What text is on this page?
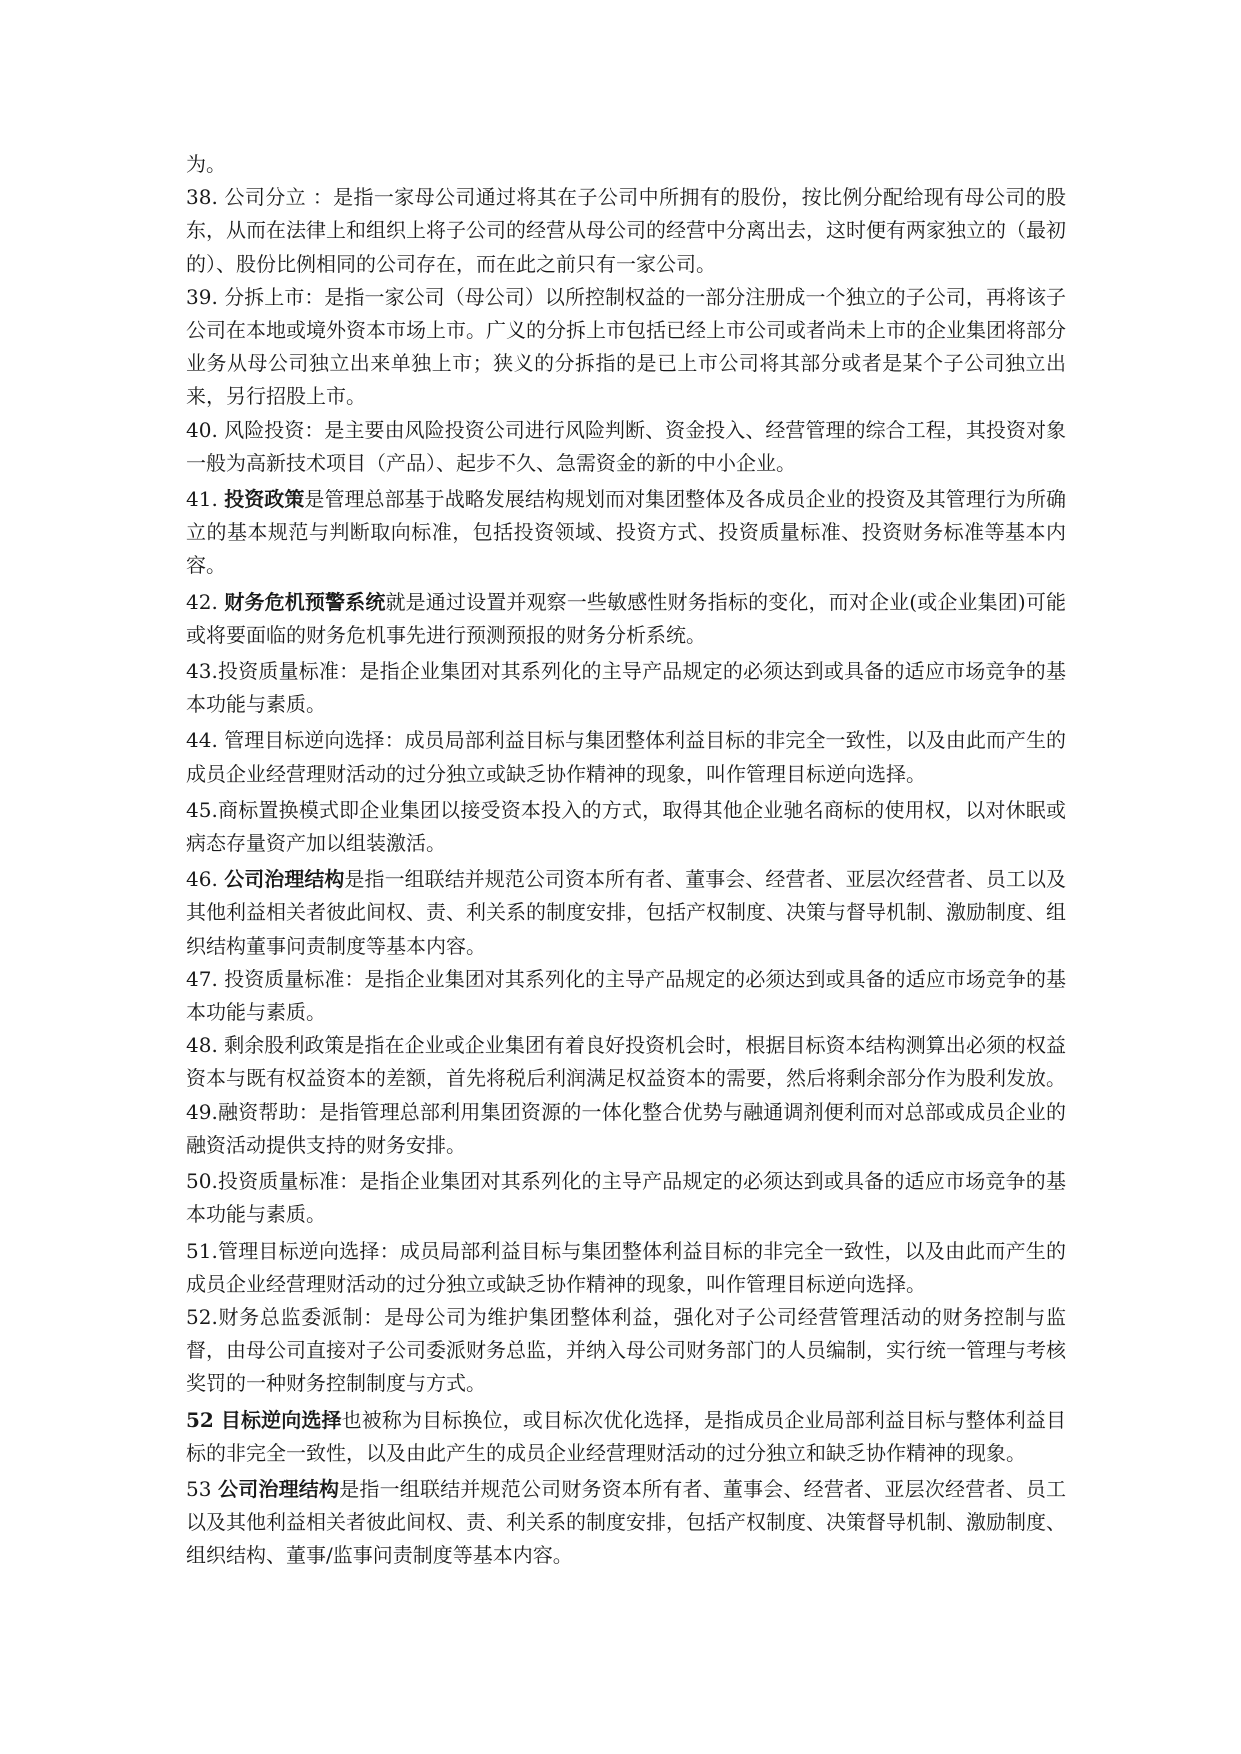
为。

38. 公司分立 ：是指一家母公司通过将其在子公司中所拥有的股份，按比例分配给现有母公司的股东，从而在法律上和组织上将子公司的经营从母公司的经营中分离出去，这时便有两家独立的（最初的）、股份比例相同的公司存在，而在此之前只有一家公司。

39. 分拆上市：是指一家公司（母公司）以所控制权益的一部分注册成一个独立的子公司，再将该子公司在本地或境外资本市场上市。广义的分拆上市包括已经上市公司或者尚未上市的企业集团将部分业务从母公司独立出来单独上市；狭义的分拆指的是已上市公司将其部分或者是某个子公司独立出来，另行招股上市。

40. 风险投资：是主要由风险投资公司进行风险判断、资金投入、经营管理的综合工程，其投资对象一般为高新技术项目（产品）、起步不久、急需资金的新的中小企业。

41. 投资政策是管理总部基于战略发展结构规划而对集团整体及各成员企业的投资及其管理行为所确立的基本规范与判断取向标准，包括投资领域、投资方式、投资质量标准、投资财务标准等基本内容。

42. 财务危机预警系统就是通过设置并观察一些敏感性财务指标的变化，而对企业(或企业集团)可能或将要面临的财务危机事先进行预测预报的财务分析系统。

43.投资质量标准：是指企业集团对其系列化的主导产品规定的必须达到或具备的适应市场竞争的基本功能与素质。

44. 管理目标逆向选择：成员局部利益目标与集团整体利益目标的非完全一致性，以及由此而产生的成员企业经营理财活动的过分独立或缺乏协作精神的现象，叫作管理目标逆向选择。

45.商标置换模式即企业集团以接受资本投入的方式，取得其他企业驰名商标的使用权，以对休眠或病态存量资产加以组装激活。

46. 公司治理结构是指一组联结并规范公司资本所有者、董事会、经营者、亚层次经营者、员工以及其他利益相关者彼此间权、责、利关系的制度安排，包括产权制度、决策与督导机制、激励制度、组织结构董事问责制度等基本内容。

47. 投资质量标准：是指企业集团对其系列化的主导产品规定的必须达到或具备的适应市场竞争的基本功能与素质。

48. 剩余股利政策是指在企业或企业集团有着良好投资机会时，根据目标资本结构测算出必须的权益资本与既有权益资本的差额，首先将税后利润满足权益资本的需要，然后将剩余部分作为股利发放。

49.融资帮助：是指管理总部利用集团资源的一体化整合优势与融通调剂便利而对总部或成员企业的融资活动提供支持的财务安排。

50.投资质量标准：是指企业集团对其系列化的主导产品规定的必须达到或具备的适应市场竞争的基本功能与素质。

51.管理目标逆向选择：成员局部利益目标与集团整体利益目标的非完全一致性，以及由此而产生的成员企业经营理财活动的过分独立或缺乏协作精神的现象，叫作管理目标逆向选择。

52.财务总监委派制：是母公司为维护集团整体利益，强化对子公司经营管理活动的财务控制与监督，由母公司直接对子公司委派财务总监，并纳入母公司财务部门的人员编制，实行统一管理与考核奖罚的一种财务控制制度与方式。

52 目标逆向选择也被称为目标换位，或目标次优化选择，是指成员企业局部利益目标与整体利益目标的非完全一致性，以及由此产生的成员企业经营理财活动的过分独立和缺乏协作精神的现象。

53 公司治理结构是指一组联结并规范公司财务资本所有者、董事会、经营者、亚层次经营者、员工以及其他利益相关者彼此间权、责、利关系的制度安排，包括产权制度、决策督导机制、激励制度、组织结构、董事/监事问责制度等基本内容。
